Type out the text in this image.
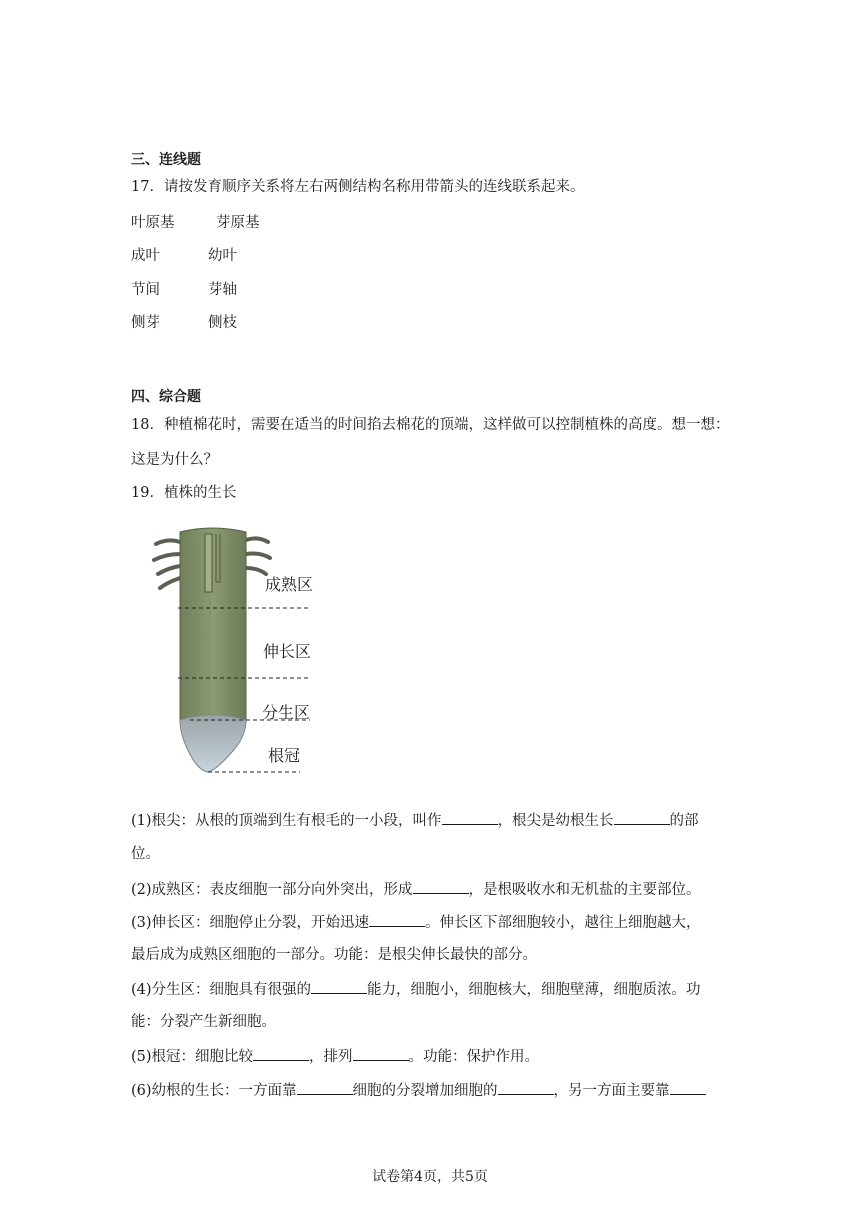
三、连线题
17．请按发育顺序关系将左右两侧结构名称用带箭头的连线联系起来。
叶原基	芽原基
成叶	幼叶
节间	芽轴
侧芽	侧枝
四、综合题
18．种植棉花时，需要在适当的时间掐去棉花的顶端，这样做可以控制植株的高度。想一想：
这是为什么？
19．植株的生长
成熟区
伸长区
分生区
根冠
(1)根尖：从根的顶端到生有根毛的一小段，叫作	，根尖是幼根生长	的部
位。
(2)成熟区：表皮细胞一部分向外突出，形成	，是根吸收水和无机盐的主要部位。
(3)伸长区：细胞停止分裂，开始迅速	。伸长区下部细胞较小，越往上细胞越大，
最后成为成熟区细胞的一部分。功能：是根尖伸长最快的部分。
(4)分生区：细胞具有很强的	能力，细胞小，细胞核大，细胞壁薄，细胞质浓。功
能：分裂产生新细胞。
(5)根冠：细胞比较	，排列	。功能：保护作用。
(6)幼根的生长：一方面靠	细胞的分裂增加细胞的	，另一方面主要靠
试卷第4页，共5页
